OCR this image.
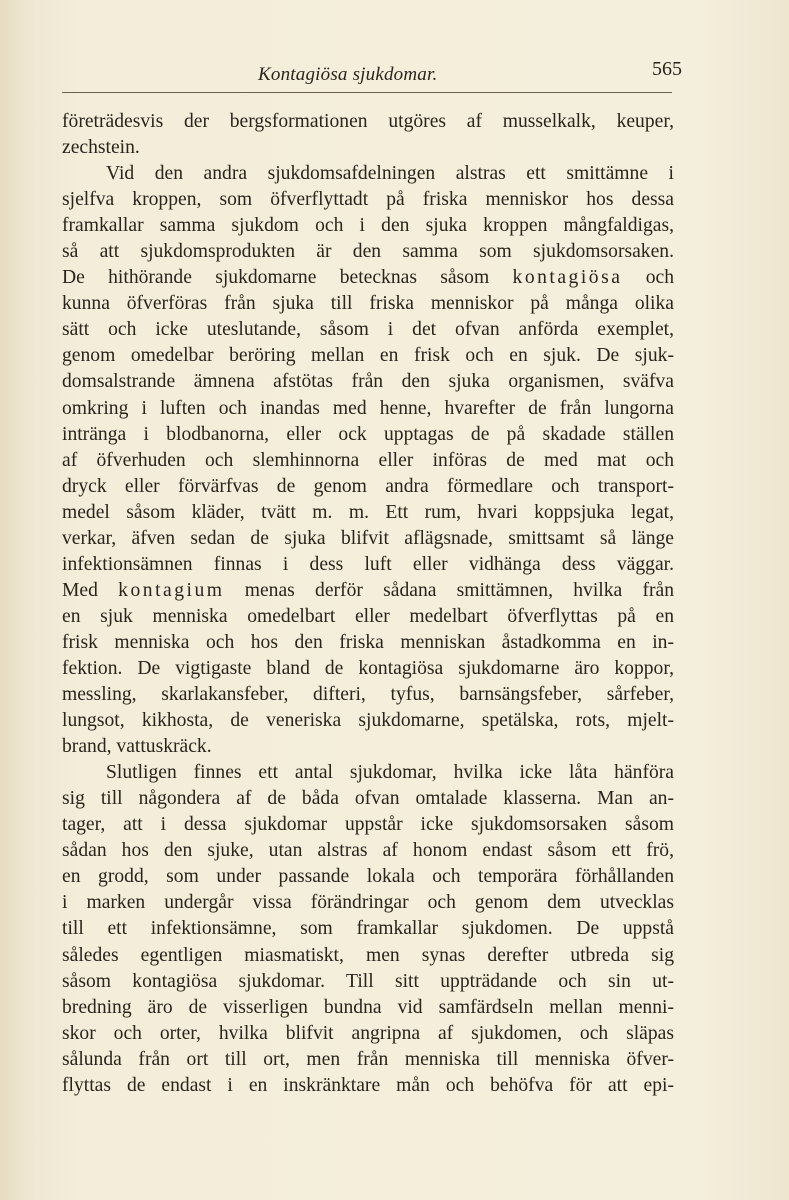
Kontagiösa sjukdomar.	565
företrädesvis der bergsformationen utgöres af musselkalk, keuper,
zechstein.
Vid den andra sjukdomsafdelningen alstras ett smittämne i
sjelfva kroppen, som öfverflyttadt på friska menniskor hos dessa
framkallar samma sjukdom och i den sjuka kroppen mångfaldigas,
så att sjukdomsprodukten är den samma som sjukdomsorsaken.
De hithörande sjukdomarne betecknas såsom kontagiösa och
kunna öfverföras från sjuka till friska menniskor på många olika
sätt och icke uteslutande, såsom i det ofvan anförda exemplet,
genom omedelbar beröring mellan en frisk och en sjuk. De sjuk-
domsalstrande ämnena afstötas från den sjuka organismen, sväfva
omkring i luften och inandas med henne, hvarefter de från lungorna
intränga i blodbanorna, eller ock upptagas de på skadade ställen
af öfverhuden och slemhinnorna eller införas de med mat och
dryck eller förvärfvas de genom andra förmedlare och transport-
medel såsom kläder, tvätt m. m. Ett rum, hvari koppsjuka legat,
verkar, äfven sedan de sjuka blifvit aflägsnade, smittsamt så länge
infektionsämnen finnas i dess luft eller vidhänga dess väggar.
Med kontagium menas derför sådana smittämnen, hvilka från
en sjuk menniska omedelbart eller medelbart öfverflyttas på en
frisk menniska och hos den friska menniskan åstadkomma en in-
fektion. De vigtigaste bland de kontagiösa sjukdomarne äro koppor,
messling, skarlakansfeber, difteri, tyfus, barnsängsfeber, sårfeber,
lungsot, kikhosta, de veneriska sjukdomarne, spetälska, rots, mjelt-
brand, vattuskräck.
Slutligen finnes ett antal sjukdomar, hvilka icke låta hänföra
sig till någondera af de båda ofvan omtalade klasserna. Man an-
tager, att i dessa sjukdomar uppstår icke sjukdomsorsaken såsom
sådan hos den sjuke, utan alstras af honom endast såsom ett frö,
en grodd, som under passande lokala och temporära förhållanden
i marken undergår vissa förändringar och genom dem utvecklas
till ett infektionsämne, som framkallar sjukdomen. De uppstå
således egentligen miasmatiskt, men synas derefter utbreda sig
såsom kontagiösa sjukdomar. Till sitt uppträdande och sin ut-
bredning äro de visserligen bundna vid samfärdseln mellan menni-
skor och orter, hvilka blifvit angripna af sjukdomen, och släpas
sålunda från ort till ort, men från menniska till menniska öfver-
flyttas de endast i en inskränktare mån och behöfva för att epi-
